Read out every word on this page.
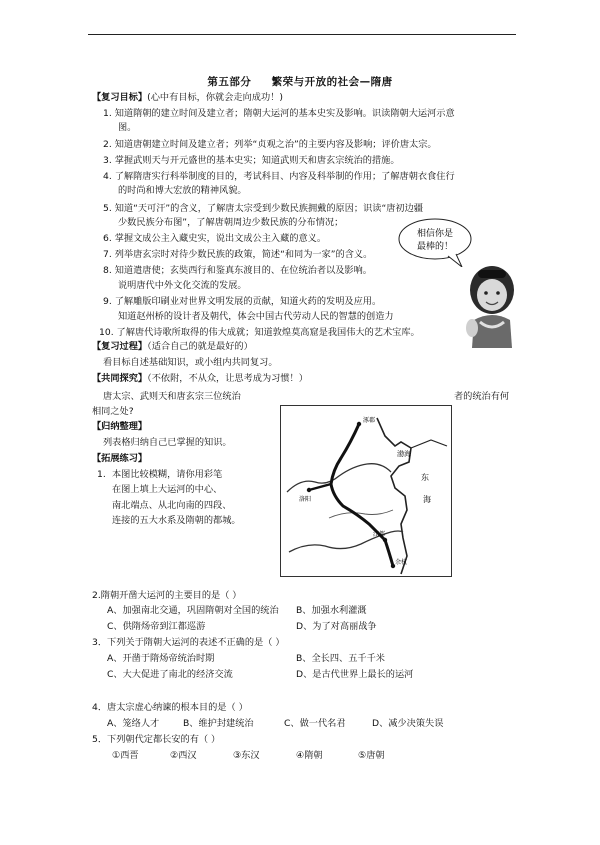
第五部分 繁荣与开放的社会—隋唐
【复习目标】(心中有目标，你就会走向成功！)
1. 知道隋朝的建立时间及建立者；隋朝大运河的基本史实及影响。识读隋朝大运河示意
图。
2. 知道唐朝建立时间及建立者；列举“贞观之治”的主要内容及影响；评价唐太宗。
3. 掌握武则天与开元盛世的基本史实；知道武则天和唐玄宗统治的措施。
4. 了解隋唐实行科举制度的目的，考试科目、内容及科举制的作用；了解唐朝衣食住行
的时尚和博大宏放的精神风貌。
5. 知道“天可汗”的含义，了解唐太宗受到少数民族拥戴的原因；识读“唐初边疆
少数民族分布图”，了解唐朝周边少数民族的分布情况；
6. 掌握文成公主入藏史实，说出文成公主入藏的意义。
7. 列举唐玄宗时对待少数民族的政策，简述“和同为一家”的含义。
8. 知道遣唐使；玄奘西行和鉴真东渡目的、在位统治者以及影响。
说明唐代中外文化交流的发展。
9. 了解雕版印刷业对世界文明发展的贡献，知道火药的发明及应用。
知道赵州桥的设计者及朝代，体会中国古代劳动人民的智慧的创造力
10. 了解唐代诗歌所取得的伟大成就；知道敦煌莫高窟是我国伟大的艺术宝库。
相信你是
最棒的！
【复习过程】（适合自己的就是最好的）
看目标自述基础知识，或小组内共同复习。
【共同探究】（不依附，不从众，让思考成为习惯！）
唐太宗、武则天和唐玄宗三位统治	者的统治有何
相同之处?
【归纳整理】
列表格归纳自己已掌握的知识。
【拓展练习】
1. 本图比较模糊，请你用彩笔
在图上填上大运河的中心、
南北端点、从北向南的四段、
连接的五大水系及隋朝的都城。
涿郡
渤海
东
海
洛阳
江都
余杭
2.隋朝开凿大运河的主要目的是（ ）
A、加强南北交通，巩固隋朝对全国的统治 B、加强水利灌溉
C、供隋炀帝到江都巡游	D、为了对高丽战争
3．下列关于隋朝大运河的表述不正确的是（ ）
A、开凿于隋炀帝统治时期	B、全长四、五千千米
C、大大促进了南北的经济交流	D、是古代世界上最长的运河
4．唐太宗虚心纳谏的根本目的是（ ）
A、笼络人才	B、维护封建统治	C、做一代名君	D、减少决策失误
5．下列朝代定都长安的有（ ）
①西晋	②西汉	③东汉	④隋朝	⑤唐朝
